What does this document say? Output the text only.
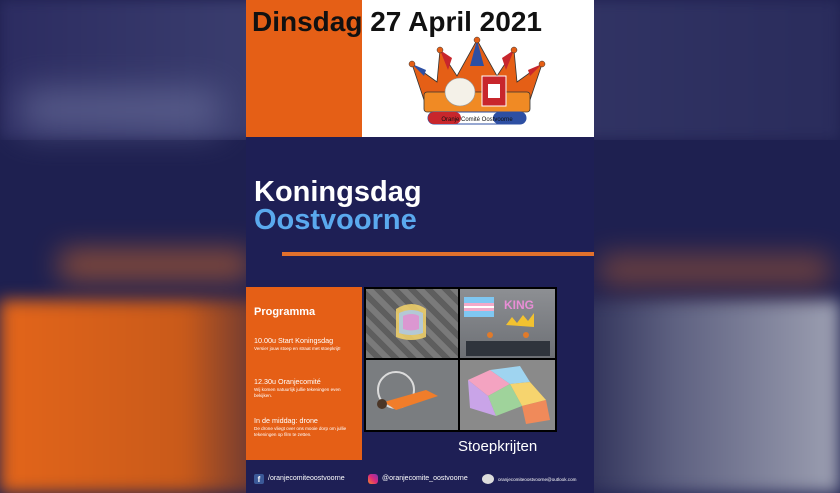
Dinsdag 27 April 2021
Oranje Comité Oostvoorne
Koningsdag
Oostvoorne
Programma
10.00u Start Koningsdag
Versier jouw stoep en straat met stoepkrijt!
12.30u Oranjecomité
Wij komen natuurlijk jullie tekeningen even bekijken.
In de middag: drone
De drone vliegt over ons mooie dorp om jullie tekeningen op film te zetten.
KING
Stoepkrijten
f	/oranjecomiteoostvoorne	@oranjecomite_oostvoorne	oranjecomiteoostvoorne@outlook.com
